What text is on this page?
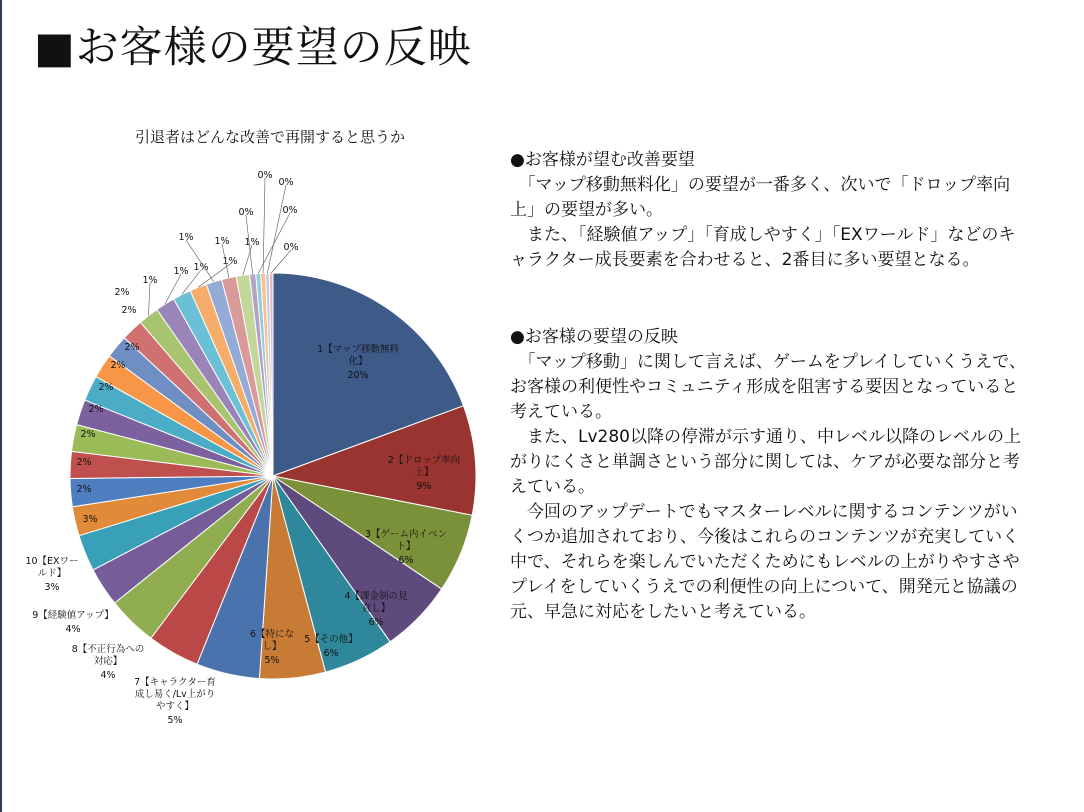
■お客様の要望の反映
引退者はどんな改善で再開すると思うか
1【マップ移動無料
化】
20%
2【ドロップ率向
上】
9%
3【ゲーム内イベン
ト】
6%
4【課金制の見
直し】
6%
5【その他】
6%
6【特にな
し】
5%
7【キャラクター育
成し易く/Lv上がり
やすく】
5%
8【不正行為への
対応】
4%
9【経験値アップ】
4%
10【EXワー
ルド】
3%
3%
2%
2%
2%
2%
2%
2%
2%
2%
2%
1%
1% 1%
1%
1% 1% 1%
0%	0%
0%
0%
0%

●お客様が望む改善要望

「マップ移動無料化」の要望が一番多く、次いで「ドロップ率向上」の要望が多い。

　また、「経験値アップ」「育成しやすく」「EXワールド」などのキャラクター成長要素を合わせると、2番目に多い要望となる。

●お客様の要望の反映

「マップ移動」に関して言えば、ゲームをプレイしていくうえで、お客様の利便性やコミュニティ形成を阻害する要因となっていると考えている。

　また、Lv280以降の停滞が示す通り、中レベル以降のレベルの上がりにくさと単調さという部分に関しては、ケアが必要な部分と考えている。

　今回のアップデートでもマスターレベルに関するコンテンツがいくつか追加されており、今後はこれらのコンテンツが充実していく中で、それらを楽しんでいただくためにもレベルの上がりやすさやプレイをしていくうえでの利便性の向上について、開発元と協議の元、早急に対応をしたいと考えている。
